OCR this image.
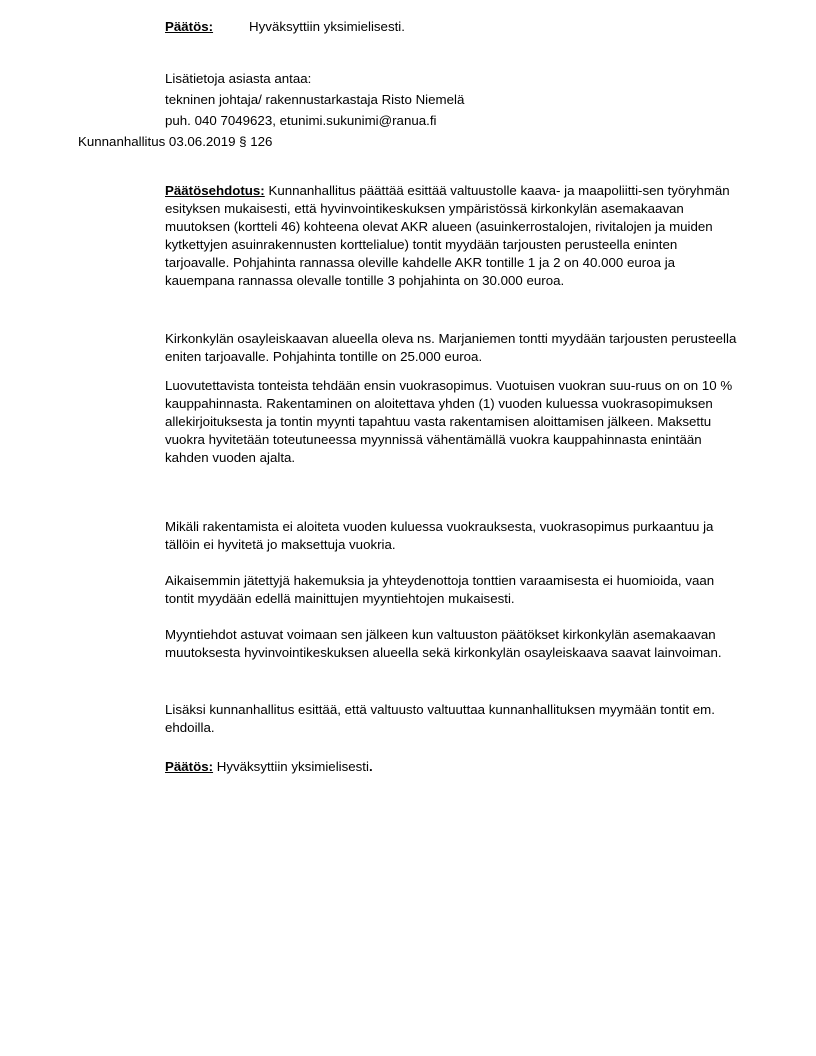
Päätös:	Hyväksyttiin yksimielisesti.
Lisätietoja asiasta antaa:
tekninen johtaja/ rakennustarkastaja Risto Niemelä
puh. 040 7049623, etunimi.sukunimi@ranua.fi
Kunnanhallitus 03.06.2019 § 126
Päätösehdotus: Kunnanhallitus päättää esittää valtuustolle kaava- ja maapoliitti-sen työryhmän esityksen mukaisesti, että hyvinvointikeskuksen ympäristössä kirkonkylän asemakaavan muutoksen (kortteli 46) kohteena olevat AKR alueen (asuinkerrostalojen, rivitalojen ja muiden kytkettyjen asuinrakennusten korttelialue) tontit myydään tarjousten perusteella eninten tarjoavalle. Pohjahinta rannassa oleville kahdelle AKR tontille 1 ja 2 on 40.000 euroa ja kauempana rannassa olevalle tontille 3 pohjahinta on 30.000 euroa.
Kirkonkylän osayleiskaavan alueella oleva ns. Marjaniemen tontti myydään tarjousten perusteella eniten tarjoavalle. Pohjahinta tontille on 25.000 euroa.
Luovutettavista tonteista tehdään ensin vuokrasopimus. Vuotuisen vuokran suu-ruus on on 10 % kauppahinnasta. Rakentaminen on aloitettava yhden (1) vuoden kuluessa vuokrasopimuksen allekirjoituksesta ja tontin myynti tapahtuu vasta rakentamisen aloittamisen jälkeen. Maksettu vuokra hyvitetään toteutuneessa myynnissä vähentämällä vuokra kauppahinnasta enintään kahden vuoden ajalta.
Mikäli rakentamista ei aloiteta vuoden kuluessa vuokrauksesta, vuokrasopimus purkaantuu ja tällöin ei hyvitetä jo maksettuja vuokria.
Aikaisemmin jätettyjä hakemuksia ja yhteydenottoja tonttien varaamisesta ei huomioida, vaan tontit myydään edellä mainittujen myyntiehtojen mukaisesti.
Myyntiehdot astuvat voimaan sen jälkeen kun valtuuston päätökset kirkonkylän asemakaavan muutoksesta hyvinvointikeskuksen alueella sekä kirkonkylän osayleiskaava saavat lainvoiman.
Lisäksi kunnanhallitus esittää, että valtuusto valtuuttaa kunnanhallituksen myymään tontit em. ehdoilla.
Päätös: Hyväksyttiin yksimielisesti.
